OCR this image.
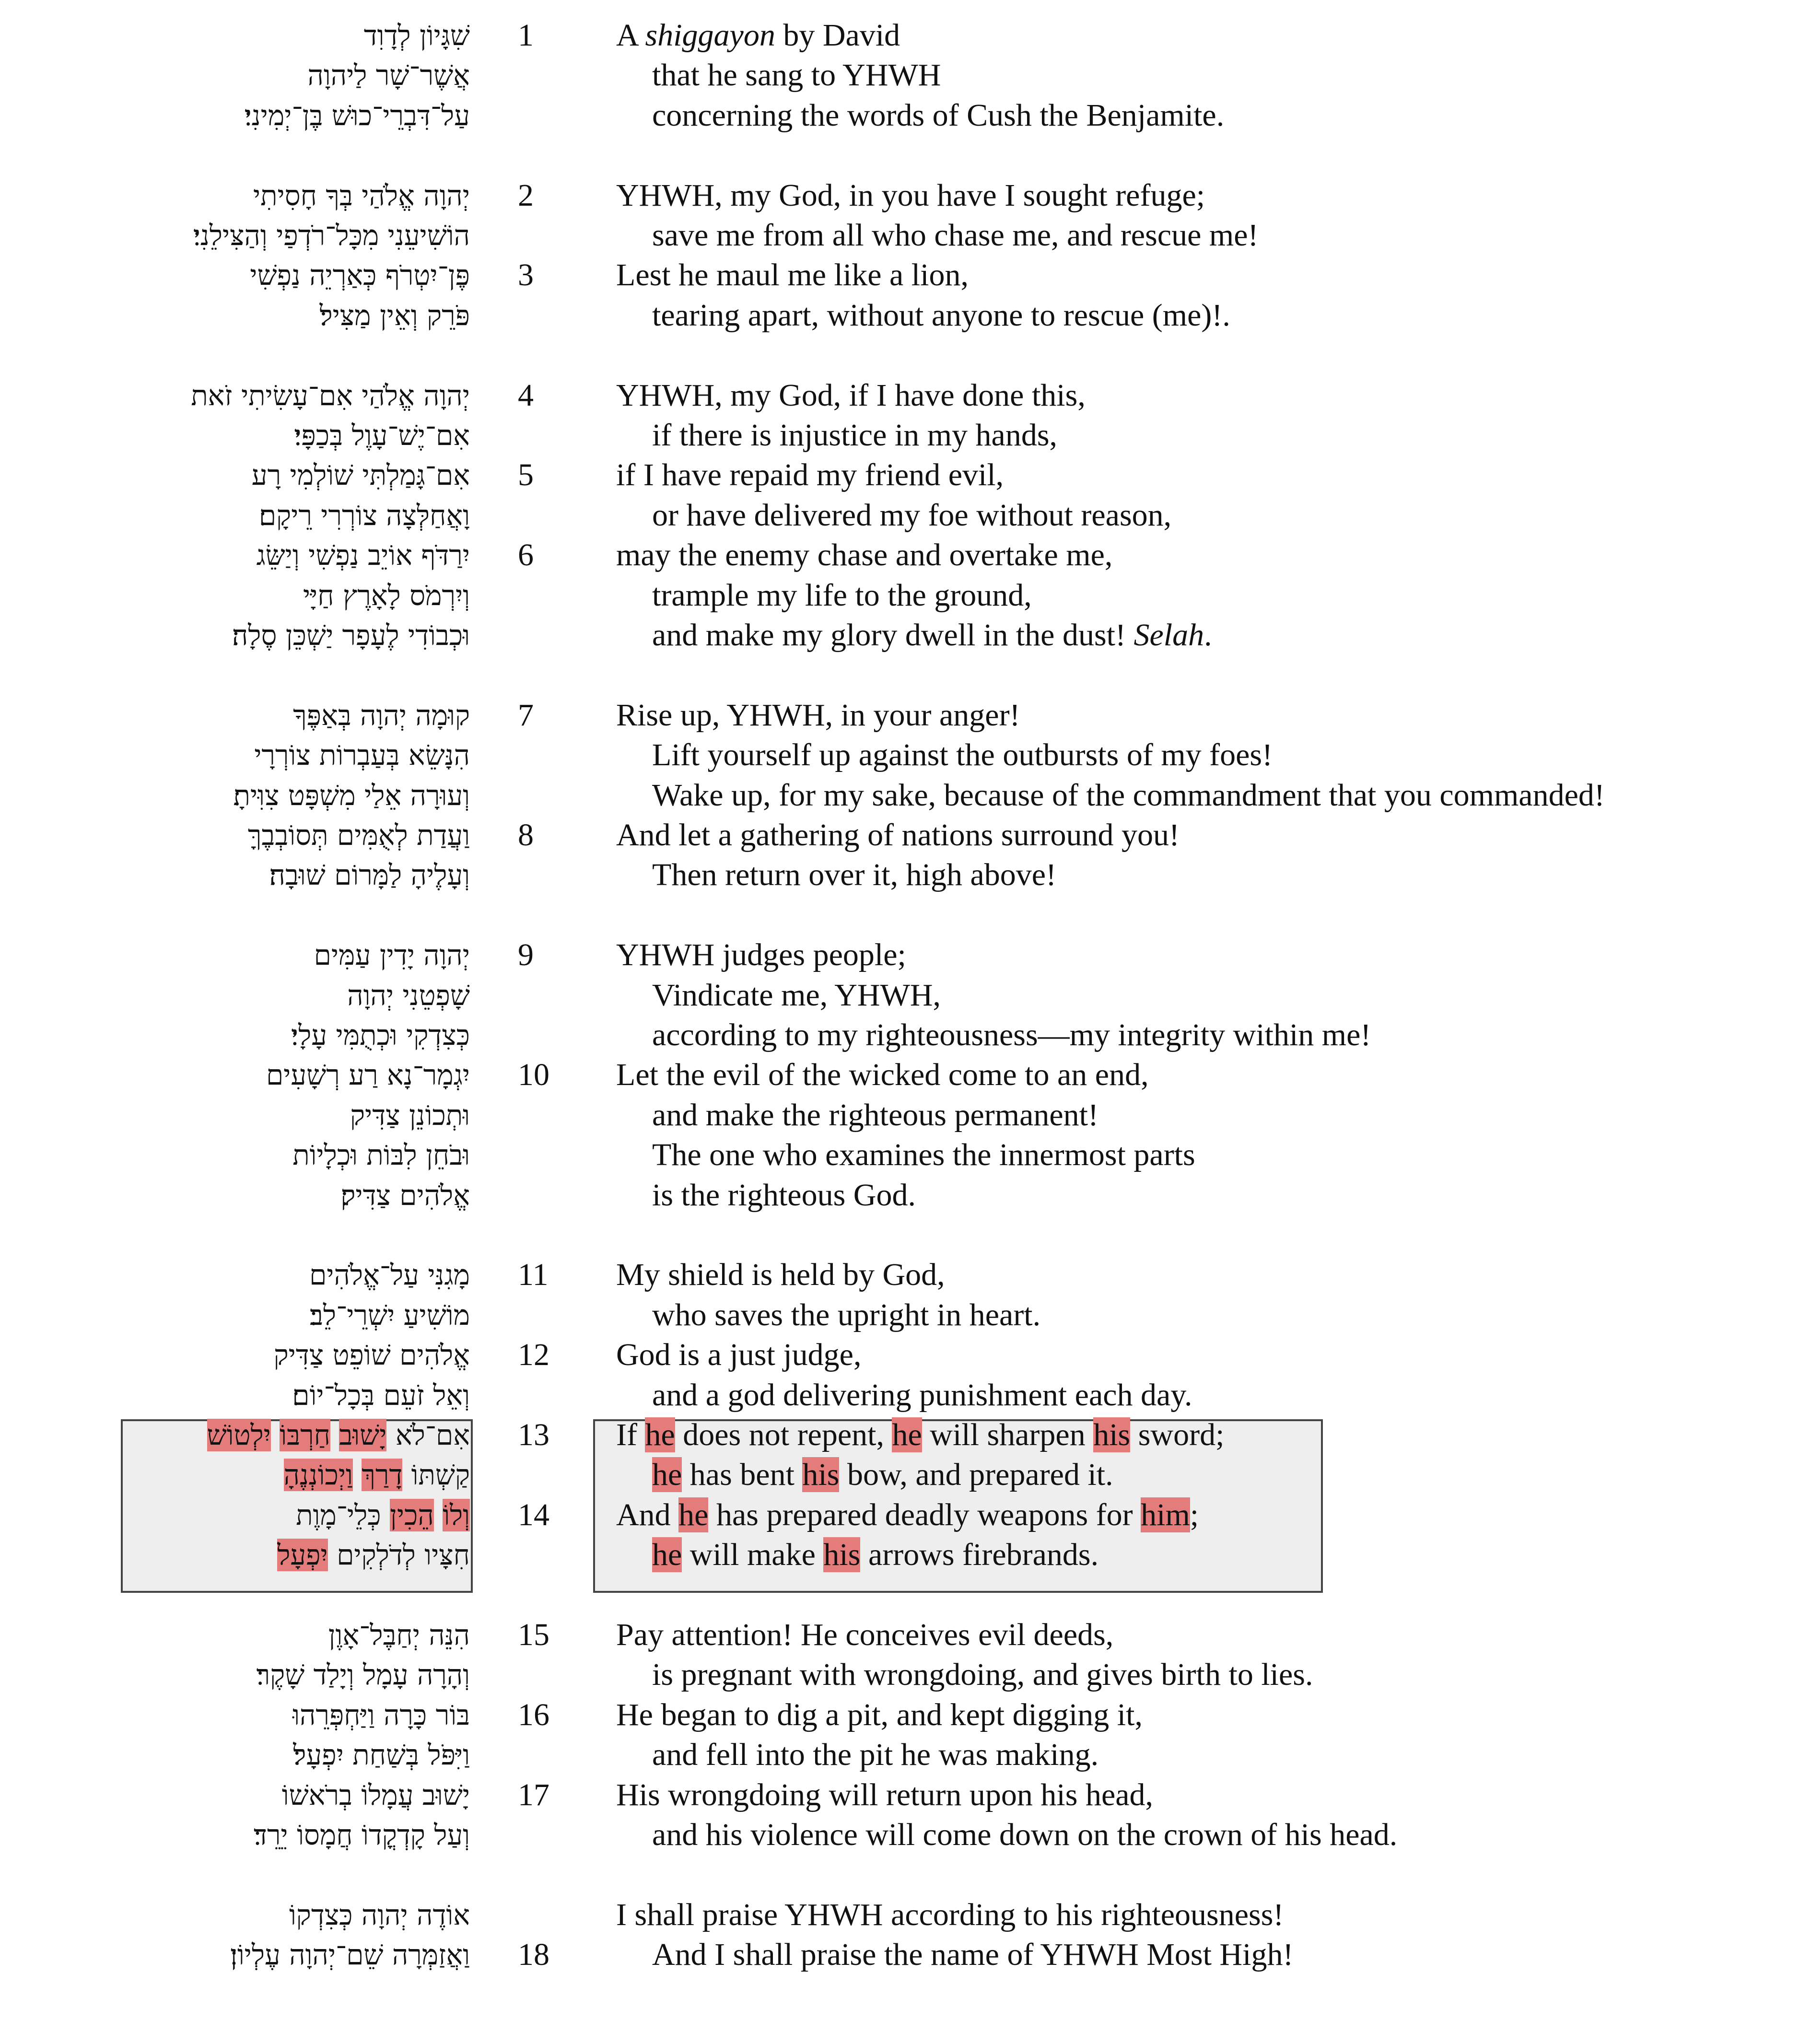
שִׁגָּיוֹן לְדָוִד 1	A shiggayon by David
אֲשֶׁר־שָׁר לַיהוָה	that he sang to YHWH
עַל־דִּבְרֵי־כוּשׁ בֶּן־יְמִינִי׃	concerning the words of Cush the Benjamite.
יְהוָה אֱלֹהַי בְּךָ חָסִיתִי 2	YHWH, my God, in you have I sought refuge;
הוֹשִׁיעֵנִי מִכָּל־רֹדְפַי וְהַצִּילֵנִי׃	save me from all who chase me, and rescue me!
פֶּן־יִטְרֹף כְּאַרְיֵה נַפְשִׁי 3	Lest he maul me like a lion,
פֹּרֵק וְאֵין מַצִּיל׃	tearing apart, without anyone to rescue (me)!.
יְהוָה אֱלֹהַי אִם־עָשִׂיתִי זֹאת 4	YHWH, my God, if I have done this,
אִם־יֶשׁ־עָוֶל בְּכַפָּי׃	if there is injustice in my hands,
אִם־גָּמַלְתִּי שׁוֹלְמִי רָע 5	if I have repaid my friend evil,
וָאֲחַלְּצָה צוֹרְרִי רֵיקָם׃	or have delivered my foe without reason,
יִרַדֹּף אוֹיֵב נַפְשִׁי וְיַשֵּׂג 6	may the enemy chase and overtake me,
וְיִרְמֹס לָאָרֶץ חַיָּי	trample my life to the ground,
וּכְבוֹדִי לֶעָפָר יַשְׁכֵּן סֶלָה׃	and make my glory dwell in the dust! Selah.
קוּמָה יְהוָה בְּאַפֶּךָ 7	Rise up, YHWH, in your anger!
הִנָּשֵׂא בְּעַבְרוֹת צוֹרְרָי	Lift yourself up against the outbursts of my foes!
וְעוּרָה אֵלַי מִשְׁפָּט צִוִּיתָ׃	Wake up, for my sake, because of the commandment that you commanded!
וַעֲדַת לְאֻמִּים תְּסוֹבְבֶךָּ 8	And let a gathering of nations surround you!
וְעָלֶיהָ לַמָּרוֹם שׁוּבָה׃	Then return over it, high above!
יְהוָה יָדִין עַמִּים 9	YHWH judges people;
שָׁפְטֵנִי יְהוָה	Vindicate me, YHWH,
כְּצִדְקִי וּכְתֻמִּי עָלָי׃	according to my righteousness—my integrity within me!
יִגְמָר־נָא רַע רְשָׁעִים 10	Let the evil of the wicked come to an end,
וּתְכוֹנֵן צַדִּיק	and make the righteous permanent!
וּבֹחֵן לִבּוֹת וּכְלָיוֹת	The one who examines the innermost parts
אֱלֹהִים צַדִּיק׃	is the righteous God.
מָגִנִּי עַל־אֱלֹהִים 11	My shield is held by God,
מוֹשִׁיעַ יִשְׁרֵי־לֵב׃	who saves the upright in heart.
אֱלֹהִים שׁוֹפֵט צַדִּיק 12	God is a just judge,
וְאֵל זֹעֵם בְּכָל־יוֹם׃	and a god delivering punishment each day.
אִם־לֹא יָשׁוּב חַרְבּוֹ יִלְטוֹשׁ	13	If he does not repent, he will sharpen his sword;
קַשְׁתּוֹ דָרַךְ וַיְכוֹנְנֶהָ	he has bent his bow, and prepared it.
וְלוֹ הֵכִין כְּלֵי־מָוֶת	14	And he has prepared deadly weapons for him;
חִצָּיו לְדֹלְקִים יִפְעָל	he will make his arrows firebrands.
הִנֵּה יְחַבֶּל־אָוֶן 15	Pay attention! He conceives evil deeds,
וְהָרָה עָמָל וְיָלַד שָׁקֶר׃	is pregnant with wrongdoing, and gives birth to lies.
בּוֹר כָּרָה וַיַּחְפְּרֵהוּ 16	He began to dig a pit, and kept digging it,
וַיִּפֹּל בְּשַׁחַת יִפְעָל׃	and fell into the pit he was making.
יָשׁוּב עֲמָלוֹ בְרֹאשׁוֹ 17	His wrongdoing will return upon his head,
וְעַל קָדְקֳדוֹ חֲמָסוֹ יֵרֵד׃	and his violence will come down on the crown of his head.
אוֹדֶה יְהוָה כְּצִדְקוֹ	I shall praise YHWH according to his righteousness!
וַאֲזַמְּרָה שֵׁם־יְהוָה עֶלְיוֹן׃ 18	And I shall praise the name of YHWH Most High!
